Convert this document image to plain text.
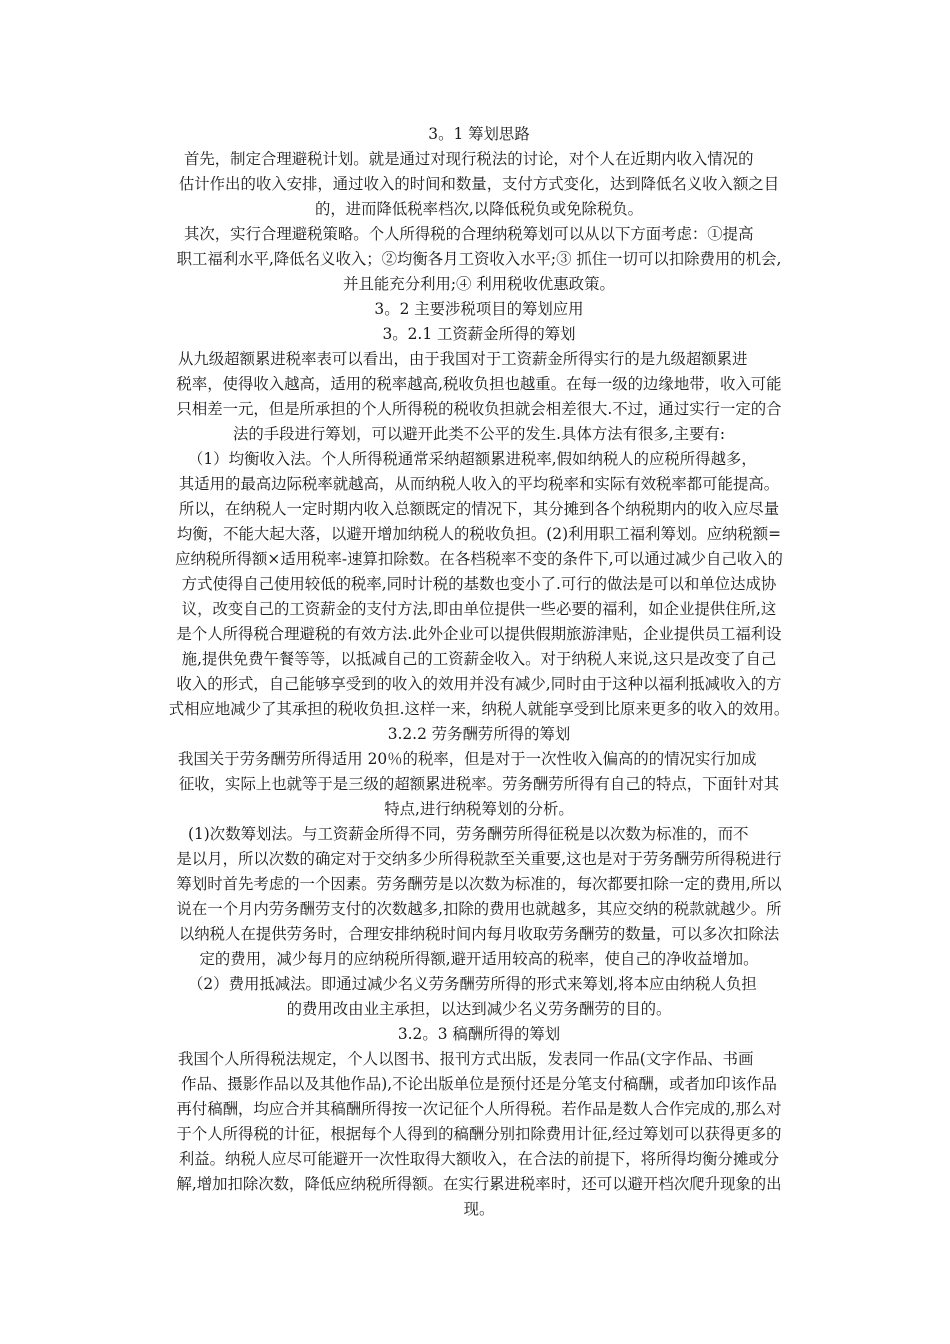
3。1 筹划思路
首先，制定合理避税计划。就是通过对现行税法的讨论，对个人在近期内收入情况的
估计作出的收入安排，通过收入的时间和数量，支付方式变化，达到降低名义收入额之目
的，进而降低税率档次,以降低税负或免除税负。
其次，实行合理避税策略。个人所得税的合理纳税筹划可以从以下方面考虑：①提高
职工福利水平,降低名义收入；②均衡各月工资收入水平;③ 抓住一切可以扣除费用的机会,
并且能充分利用;④ 利用税收优惠政策。
3。2 主要涉税项目的筹划应用
3。2.1 工资薪金所得的筹划
从九级超额累进税率表可以看出，由于我国对于工资薪金所得实行的是九级超额累进
税率，使得收入越高，适用的税率越高,税收负担也越重。在每一级的边缘地带，收入可能
只相差一元，但是所承担的个人所得税的税收负担就会相差很大.不过，通过实行一定的合
法的手段进行筹划，可以避开此类不公平的发生.具体方法有很多,主要有:
（1）均衡收入法。个人所得税通常采纳超额累进税率,假如纳税人的应税所得越多，
其适用的最高边际税率就越高，从而纳税人收入的平均税率和实际有效税率都可能提高。
所以，在纳税人一定时期内收入总额既定的情况下，其分摊到各个纳税期内的收入应尽量
均衡，不能大起大落，以避开增加纳税人的税收负担。(2)利用职工福利筹划。应纳税额=
应纳税所得额×适用税率-速算扣除数。在各档税率不变的条件下,可以通过减少自己收入的
方式使得自己使用较低的税率,同时计税的基数也变小了.可行的做法是可以和单位达成协
议，改变自己的工资薪金的支付方法,即由单位提供一些必要的福利，如企业提供住所,这
是个人所得税合理避税的有效方法.此外企业可以提供假期旅游津贴，企业提供员工福利设
施,提供免费午餐等等，以抵减自己的工资薪金收入。对于纳税人来说,这只是改变了自己
收入的形式，自己能够享受到的收入的效用并没有减少,同时由于这种以福利抵减收入的方
式相应地减少了其承担的税收负担.这样一来，纳税人就能享受到比原来更多的收入的效用。
3.2.2 劳务酬劳所得的筹划
我国关于劳务酬劳所得适用 20％的税率，但是对于一次性收入偏高的的情况实行加成
征收，实际上也就等于是三级的超额累进税率。劳务酬劳所得有自己的特点，下面针对其
特点,进行纳税筹划的分析。
(1)次数筹划法。与工资薪金所得不同，劳务酬劳所得征税是以次数为标准的，而不
是以月，所以次数的确定对于交纳多少所得税款至关重要,这也是对于劳务酬劳所得税进行
筹划时首先考虑的一个因素。劳务酬劳是以次数为标准的，每次都要扣除一定的费用,所以
说在一个月内劳务酬劳支付的次数越多,扣除的费用也就越多，其应交纳的税款就越少。所
以纳税人在提供劳务时，合理安排纳税时间内每月收取劳务酬劳的数量，可以多次扣除法
定的费用，减少每月的应纳税所得额,避开适用较高的税率，使自己的净收益增加。
（2）费用抵减法。即通过减少名义劳务酬劳所得的形式来筹划,将本应由纳税人负担
的费用改由业主承担，以达到减少名义劳务酬劳的目的。
3.2。3 稿酬所得的筹划
我国个人所得税法规定，个人以图书、报刊方式出版，发表同一作品(文字作品、书画
作品、摄影作品以及其他作品),不论出版单位是预付还是分笔支付稿酬，或者加印该作品
再付稿酬，均应合并其稿酬所得按一次记征个人所得税。若作品是数人合作完成的,那么对
于个人所得税的计征，根据每个人得到的稿酬分别扣除费用计征,经过筹划可以获得更多的
利益。纳税人应尽可能避开一次性取得大额收入，在合法的前提下，将所得均衡分摊或分
解,增加扣除次数，降低应纳税所得额。在实行累进税率时，还可以避开档次爬升现象的出
现。
